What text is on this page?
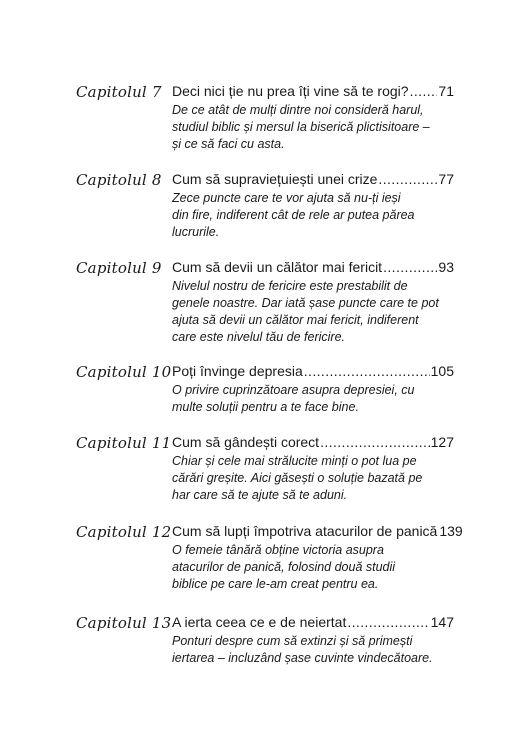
Capitolul 7 Deci nici ție nu prea îți vine să te rogi? ..... 71
De ce atât de mulți dintre noi consideră harul,
studiul biblic și mersul la biserică plictisitoare –
și ce să faci cu asta.
Capitolul 8 Cum să supraviețuiești unei crize .....	77
Zece puncte care te vor ajuta să nu-ți ieși
din fire, indiferent cât de rele ar putea părea
lucrurile.
Capitolul 9 Cum să devii un călător mai fericit .....	93
Nivelul nostru de fericire este prestabilit de
genele noastre. Dar iată șase puncte care te pot
ajuta să devii un călător mai fericit, indiferent
care este nivelul tău de fericire.
Capitolul 10 Poți învinge depresia .....	105
O privire cuprinzătoare asupra depresiei, cu
multe soluții pentru a te face bine.
Capitolul 11 Cum să gândești corect .....	127
Chiar și cele mai strălucite minți o pot lua pe
cărări greșite. Aici găsești o soluție bazată pe
har care să te ajute să te aduni.
Capitolul 12 Cum să lupți împotriva atacurilor de panică 139
O femeie tânără obține victoria asupra
atacurilor de panică, folosind două studii
biblice pe care le-am creat pentru ea.
Capitolul 13 A ierta ceea ce e de neiertat .....	147
Ponturi despre cum să extinzi și să primești
iertarea – incluzând șase cuvinte vindecătoare.
